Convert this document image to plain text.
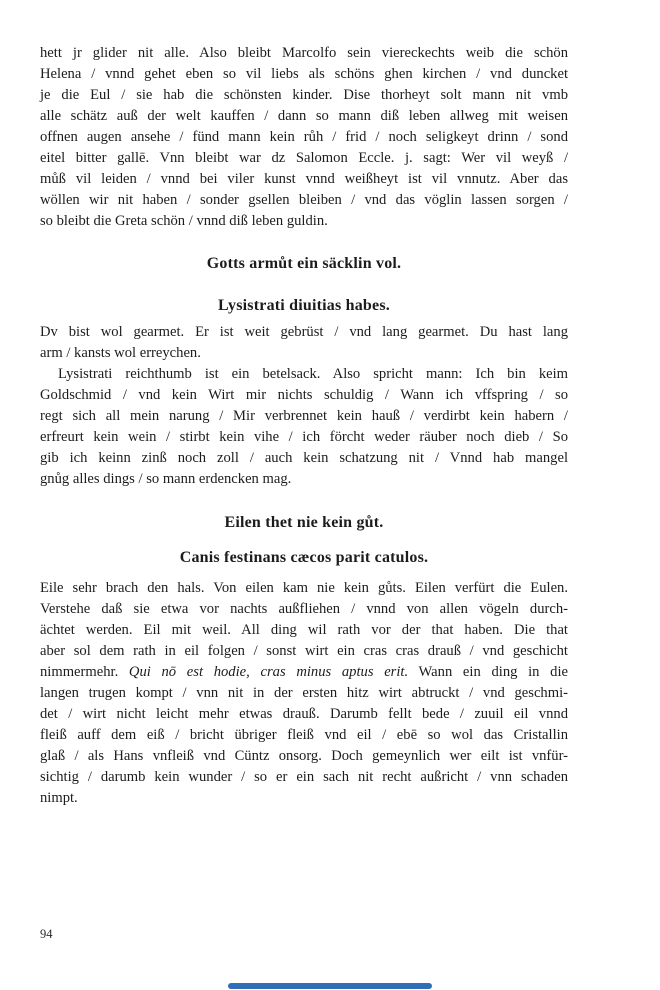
hett jr glider nit alle. Also bleibt Marcolfo sein viereckechts weib die schön
Helena / vnnd gehet eben so vil liebs als schöns ghen kirchen / vnd duncket
je die Eul / sie hab die schönsten kinder. Dise thorheyt solt mann nit vmb
alle schätz auß der welt kauffen / dann so mann diß leben allweg mit weisen
offnen augen ansehe / fünd mann kein růh / frid / noch seligkeyt drinn / sond
eitel bitter gallē. Vnn bleibt war dz Salomon Eccle. j. sagt: Wer vil weyß /
můß vil leiden / vnnd bei viler kunst vnnd weißheyt ist vil vnnutz. Aber das
wöllen wir nit haben / sonder gsellen bleiben / vnd das vöglin lassen sorgen /
so bleibt die Greta schön / vnnd diß leben guldin.
Gotts armůt ein säcklin vol.
Lysistrati diuitias habes.
Dv bist wol gearmet. Er ist weit gebrüst / vnd lang gearmet. Du hast lang
arm / kansts wol erreychen.
Lysistrati reichthumb ist ein betelsack. Also spricht mann: Ich bin keim
Goldschmid / vnd kein Wirt mir nichts schuldig / Wann ich vffspring / so
regt sich all mein narung / Mir verbrennet kein hauß / verdirbt kein habern /
erfreurt kein wein / stirbt kein vihe / ich förcht weder räuber noch dieb / So
gib ich keinn zinß noch zoll / auch kein schatzung nit / Vnnd hab mangel
gnůg alles dings / so mann erdencken mag.
Eilen thet nie kein gůt.
Canis festinans cæcos parit catulos.
Eile sehr brach den hals. Von eilen kam nie kein gůts. Eilen verfürt die Eulen.
Verstehe daß sie etwa vor nachts außfliehen / vnnd von allen vögeln durch-
ächtet werden. Eil mit weil. All ding wil rath vor der that haben. Die that
aber sol dem rath in eil folgen / sonst wirt ein cras cras drauß / vnd geschicht
nimmermehr. Qui nō est hodie, cras minus aptus erit. Wann ein ding in die
langen trugen kompt / vnn nit in der ersten hitz wirt abtruckt / vnd geschmi-
det / wirt nicht leicht mehr etwas drauß. Darumb fellt bede / zuuil eil vnnd
fleiß auff dem eiß / bricht übriger fleiß vnd eil / ebē so wol das Cristallin
glaß / als Hans vnfleiß vnd Cüntz onsorg. Doch gemeynlich wer eilt ist vnfür-
sichtig / darumb kein wunder / so er ein sach nit recht außricht / vnn schaden
nimpt.
94
